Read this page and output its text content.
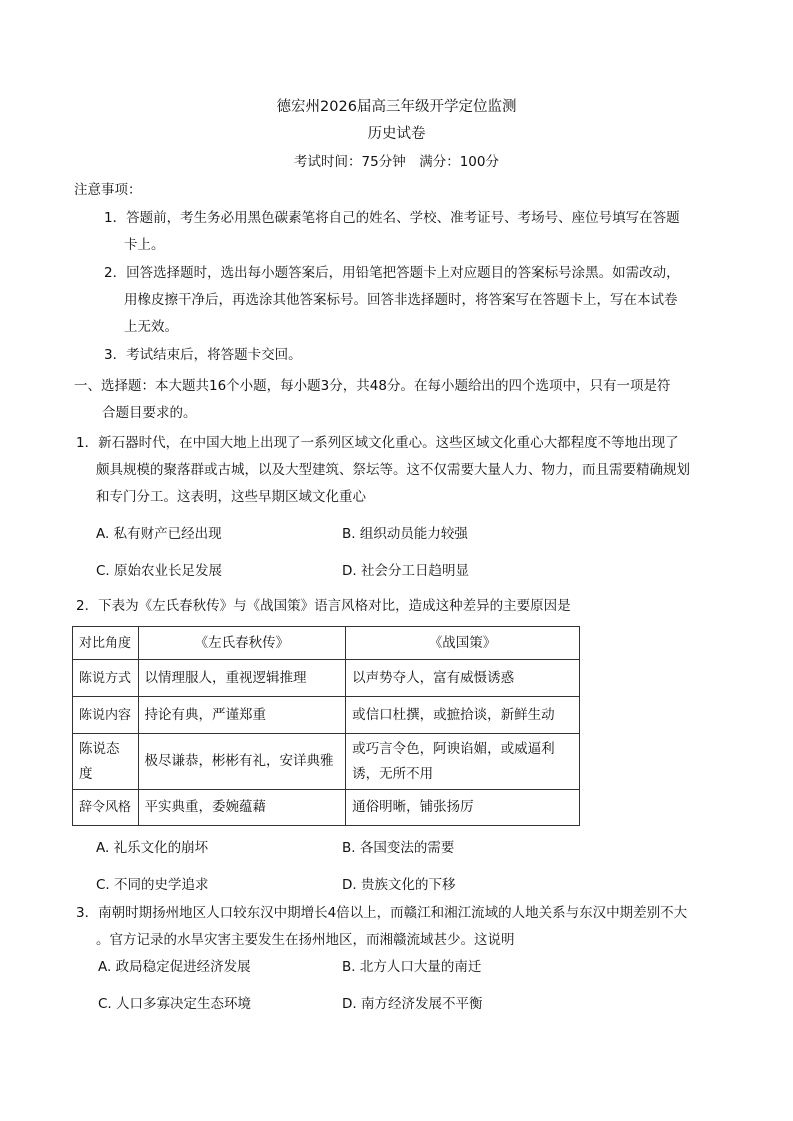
德宏州2026届高三年级开学定位监测
历史试卷
考试时间：75分钟　满分：100分
注意事项：
1．答题前，考生务必用黑色碳素笔将自己的姓名、学校、准考证号、考场号、座位号填写在答题
卡上。
2．回答选择题时，选出每小题答案后，用铅笔把答题卡上对应题目的答案标号涂黑。如需改动，
用橡皮擦干净后，再选涂其他答案标号。回答非选择题时，将答案写在答题卡上，写在本试卷
上无效。
3．考试结束后，将答题卡交回。
一、选择题：本大题共16个小题，每小题3分，共48分。在每小题给出的四个选项中，只有一项是符
合题目要求的。
1．新石器时代，在中国大地上出现了一系列区域文化重心。这些区域文化重心大都程度不等地出现了
颇具规模的聚落群或古城，以及大型建筑、祭坛等。这不仅需要大量人力、物力，而且需要精确规划
和专门分工。这表明，这些早期区域文化重心
A. 私有财产已经出现	B. 组织动员能力较强
C. 原始农业长足发展	D. 社会分工日趋明显
2．下表为《左氏春秋传》与《战国策》语言风格对比，造成这种差异的主要原因是
对比角度	《左氏春秋传》	《战国策》
陈说方式	以情理服人，重视逻辑推理	以声势夺人，富有威慑诱惑
陈说内容	持论有典，严谨郑重	或信口杜撰，或摭拾谈，新鲜生动
陈说态度	极尽谦恭，彬彬有礼，安详典雅	或巧言令色，阿谀谄媚，或威逼利诱，无所不用
辞令风格	平实典重，委婉蕴藉	通俗明晰，铺张扬厉
A. 礼乐文化的崩坏	B. 各国变法的需要
C. 不同的史学追求	D. 贵族文化的下移
3．南朝时期扬州地区人口较东汉中期增长4倍以上，而赣江和湘江流域的人地关系与东汉中期差别不大
。官方记录的水旱灾害主要发生在扬州地区，而湘赣流域甚少。这说明
A. 政局稳定促进经济发展	B. 北方人口大量的南迁
C. 人口多寡决定生态环境	D. 南方经济发展不平衡
